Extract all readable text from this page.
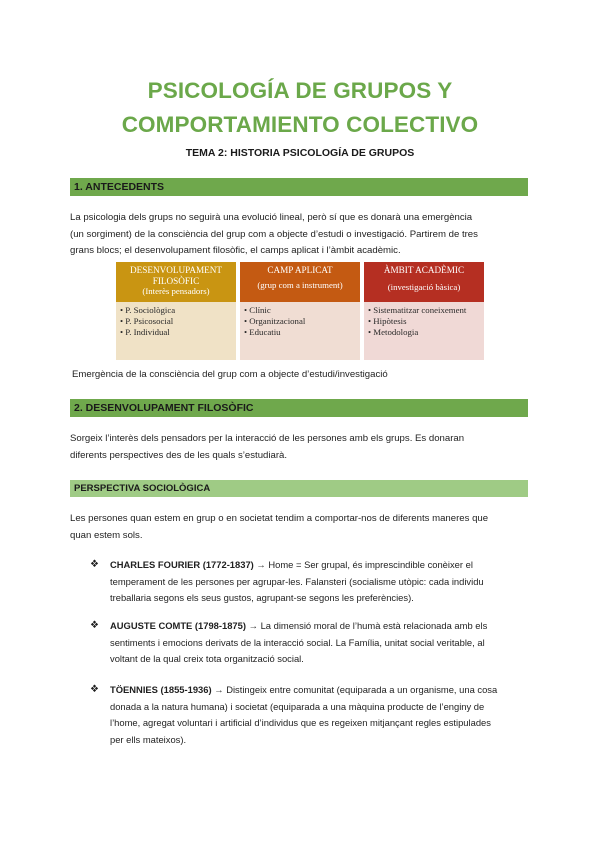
PSICOLOGÍA DE GRUPOS Y
COMPORTAMIENTO COLECTIVO
TEMA 2: HISTORIA PSICOLOGÍA DE GRUPOS
1. ANTECEDENTS
La psicologia dels grups no seguirà una evolució lineal, però sí que es donarà una emergència
(un sorgiment) de la consciència del grup com a objecte d’estudi o investigació. Partirem de tres
grans blocs; el desenvolupament filosòfic, el camps aplicat i l’àmbit acadèmic.
DESENVOLUPAMENT
FILOSÒFIC
(Interès pensadors)
• P. Sociològica
• P. Psicosocial
• P. Individual
CAMP APLICAT
(grup com a instrument)
• Clínic
• Organitzacional
• Educatiu
ÀMBIT ACADÈMIC
(investigació bàsica)
• Sistematitzar coneixement
• Hipòtesis
• Metodologia
Emergència de la consciència del grup com a objecte d’estudi/investigació
2. DESENVOLUPAMENT FILOSÒFIC
Sorgeix l’interès dels pensadors per la interacció de les persones amb els grups. Es donaran
diferents perspectives des de les quals s’estudiarà.
PERSPECTIVA SOCIOLÒGICA
Les persones quan estem en grup o en societat tendim a comportar-nos de diferents maneres que
quan estem sols.
❖	CHARLES FOURIER (1772-1837) → Home = Ser grupal, és imprescindible conèixer el
temperament de les persones per agrupar-les. Falansteri (socialisme utòpic: cada individu
treballaria segons els seus gustos, agrupant-se segons les preferències).
❖	AUGUSTE COMTE (1798-1875) → La dimensió moral de l’humà està relacionada amb els
sentiments i emocions derivats de la interacció social. La Família, unitat social veritable, al
voltant de la qual creix tota organització social.
❖	TÖENNIES (1855-1936) → Distingeix entre comunitat (equiparada a un organisme, una cosa
donada a la natura humana) i societat (equiparada a una màquina producte de l’enginy de
l’home, agregat voluntari i artificial d’individus que es regeixen mitjançant regles estipulades
per ells mateixos).
